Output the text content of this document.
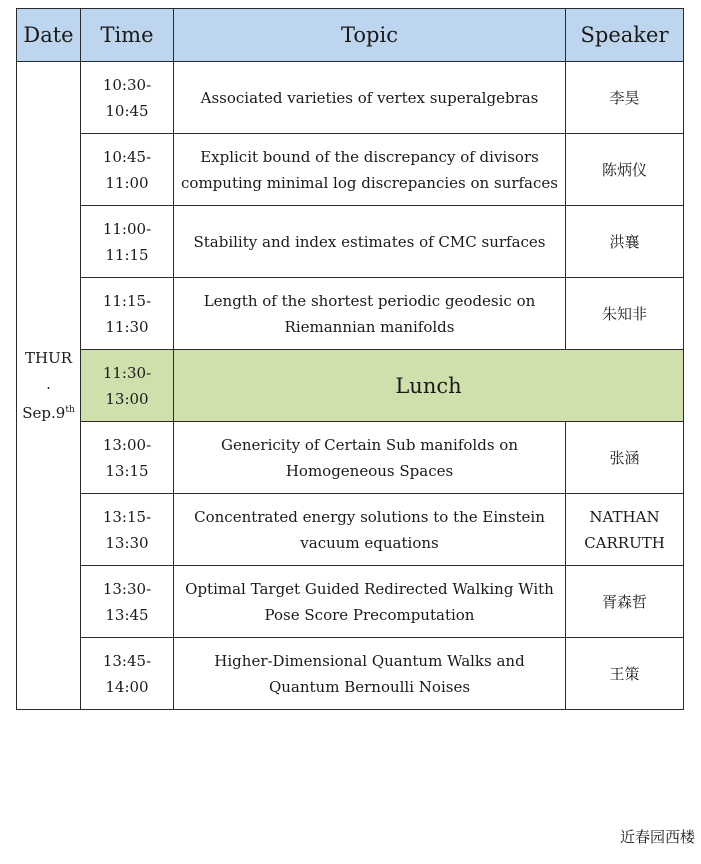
Date	Time	Topic	Speaker

THUR
.
Sep.9th	10:30-10:45	Associated varieties of vertex superalgebras	李昊
	10:45-11:00	Explicit bound of the discrepancy of divisors computing minimal log discrepancies on surfaces	陈炳仪
	11:00-11:15	Stability and index estimates of CMC surfaces	洪襄
	11:15-11:30	Length of the shortest periodic geodesic on Riemannian manifolds	朱知非
	11:30-13:00	Lunch	
	13:00-13:15	Genericity of Certain Sub manifolds on Homogeneous Spaces	张涵
	13:15-13:30	Concentrated energy solutions to the Einstein vacuum equations	NATHAN CARRUTH
	13:30-13:45	Optimal Target Guided Redirected Walking With Pose Score Precomputation	胥森哲
	13:45-14:00	Higher-Dimensional Quantum Walks and Quantum Bernoulli Noises	王策
近春园西楼
